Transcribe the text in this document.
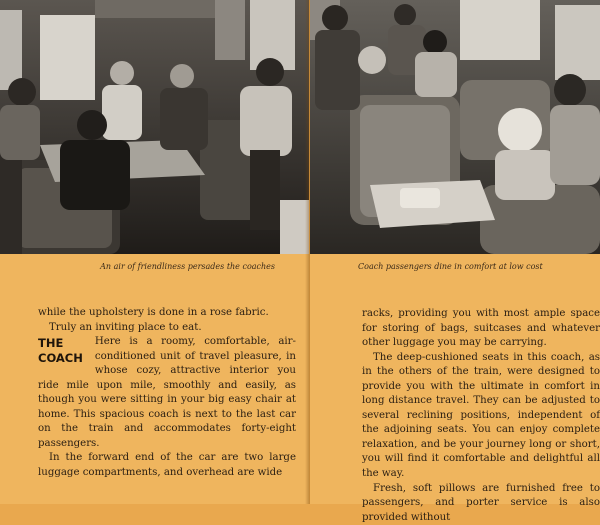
An air of friendliness persades the coaches

while the upholstery is done in a rose fabric.

Truly an inviting place to eat.

THE
COACH

Here is a roomy, comfortable, air-conditioned unit of travel pleasure, in whose cozy, attractive interior you ride mile upon mile, smoothly and easily, as though you were sitting in your big easy chair at home. This spacious coach is next to the last car on the train and accommodates forty-eight passengers.

In the forward end of the car are two large luggage compartments, and overhead are wide

Coach passengers dine in comfort at low cost

racks, providing you with most ample space for storing of bags, suitcases and whatever other luggage you may be carrying.

The deep-cushioned seats in this coach, as in the others of the train, were designed to provide you with the ultimate in comfort in long distance travel. They can be adjusted to several reclining positions, independent of the adjoining seats. You can enjoy complete relaxation, and be your journey long or short, you will find it comfortable and delightful all the way.

Fresh, soft pillows are furnished free to passengers, and porter service is also provided without
